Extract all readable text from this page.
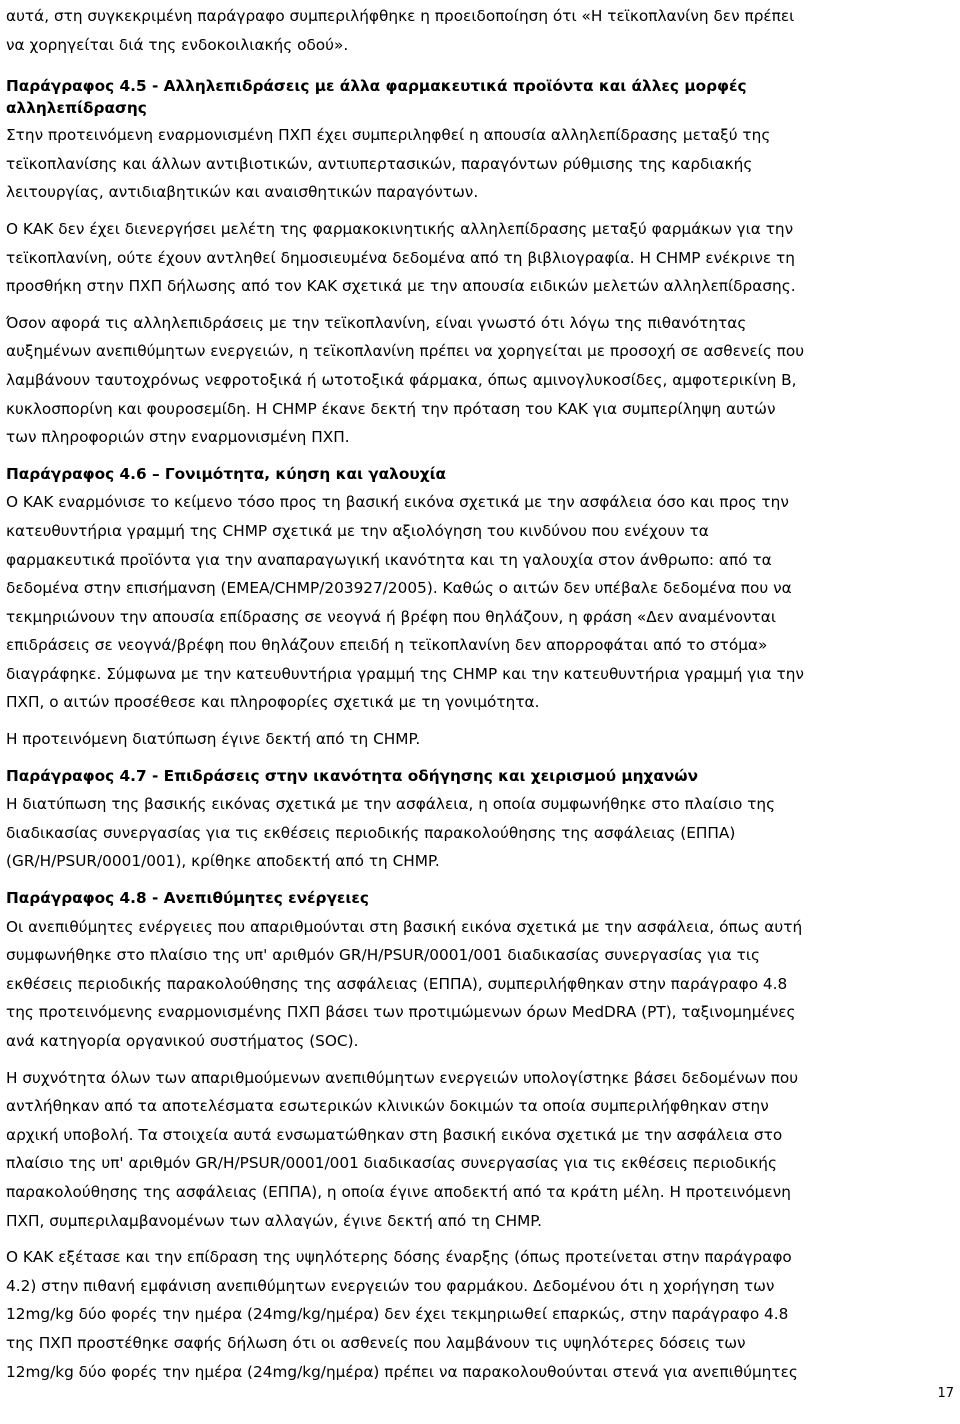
αυτά, στη συγκεκριμένη παράγραφο συμπεριλήφθηκε η προειδοποίηση ότι «Η τεϊκοπλανίνη δεν πρέπει
να χορηγείται διά της ενδοκοιλιακής οδού».

Παράγραφος 4.5 - Αλληλεπιδράσεις με άλλα φαρμακευτικά προϊόντα και άλλες μορφές
αλληλεπίδρασης

Στην προτεινόμενη εναρμονισμένη ΠΧΠ έχει συμπεριληφθεί η απουσία αλληλεπίδρασης μεταξύ της
τεϊκοπλανίσης και άλλων αντιβιοτικών, αντιυπερτασικών, παραγόντων ρύθμισης της καρδιακής
λειτουργίας, αντιδιαβητικών και αναισθητικών παραγόντων.

Ο ΚΑΚ δεν έχει διενεργήσει μελέτη της φαρμακοκινητικής αλληλεπίδρασης μεταξύ φαρμάκων για την
τεϊκοπλανίνη, ούτε έχουν αντληθεί δημοσιευμένα δεδομένα από τη βιβλιογραφία. Η CHMP ενέκρινε τη
προσθήκη στην ΠΧΠ δήλωσης από τον ΚΑΚ σχετικά με την απουσία ειδικών μελετών αλληλεπίδρασης.

Όσον αφορά τις αλληλεπιδράσεις με την τεϊκοπλανίνη, είναι γνωστό ότι λόγω της πιθανότητας
αυξημένων ανεπιθύμητων ενεργειών, η τεϊκοπλανίνη πρέπει να χορηγείται με προσοχή σε ασθενείς που
λαμβάνουν ταυτοχρόνως νεφροτοξικά ή ωτοτοξικά φάρμακα, όπως αμινογλυκοσίδες, αμφοτερικίνη Β,
κυκλοσπορίνη και φουροσεμίδη. Η CHMP έκανε δεκτή την πρόταση του ΚΑΚ για συμπερίληψη αυτών
των πληροφοριών στην εναρμονισμένη ΠΧΠ.

Παράγραφος 4.6 – Γονιμότητα, κύηση και γαλουχία

Ο ΚΑΚ εναρμόνισε το κείμενο τόσο προς τη βασική εικόνα σχετικά με την ασφάλεια όσο και προς την
κατευθυντήρια γραμμή της CHMP σχετικά με την αξιολόγηση του κινδύνου που ενέχουν τα
φαρμακευτικά προϊόντα για την αναπαραγωγική ικανότητα και τη γαλουχία στον άνθρωπο: από τα
δεδομένα στην επισήμανση (EMEA/CHMP/203927/2005). Καθώς ο αιτών δεν υπέβαλε δεδομένα που να
τεκμηριώνουν την απουσία επίδρασης σε νεογνά ή βρέφη που θηλάζουν, η φράση «Δεν αναμένονται
επιδράσεις σε νεογνά/βρέφη που θηλάζουν επειδή η τεϊκοπλανίνη δεν απορροφάται από το στόμα»
διαγράφηκε. Σύμφωνα με την κατευθυντήρια γραμμή της CHMP και την κατευθυντήρια γραμμή για την
ΠΧΠ, ο αιτών προσέθεσε και πληροφορίες σχετικά με τη γονιμότητα.

Η προτεινόμενη διατύπωση έγινε δεκτή από τη CHMP.

Παράγραφος 4.7 - Επιδράσεις στην ικανότητα οδήγησης και χειρισμού μηχανών

Η διατύπωση της βασικής εικόνας σχετικά με την ασφάλεια, η οποία συμφωνήθηκε στο πλαίσιο της
διαδικασίας συνεργασίας για τις εκθέσεις περιοδικής παρακολούθησης της ασφάλειας (ΕΠΠΑ)
(GR/H/PSUR/0001/001), κρίθηκε αποδεκτή από τη CHMP.

Παράγραφος 4.8 - Ανεπιθύμητες ενέργειες

Οι ανεπιθύμητες ενέργειες που απαριθμούνται στη βασική εικόνα σχετικά με την ασφάλεια, όπως αυτή
συμφωνήθηκε στο πλαίσιο της υπ' αριθμόν GR/H/PSUR/0001/001 διαδικασίας συνεργασίας για τις
εκθέσεις περιοδικής παρακολούθησης της ασφάλειας (ΕΠΠΑ), συμπεριλήφθηκαν στην παράγραφο 4.8
της προτεινόμενης εναρμονισμένης ΠΧΠ βάσει των προτιμώμενων όρων MedDRA (PT), ταξινομημένες
ανά κατηγορία οργανικού συστήματος (SOC).

Η συχνότητα όλων των απαριθμούμενων ανεπιθύμητων ενεργειών υπολογίστηκε βάσει δεδομένων που
αντλήθηκαν από τα αποτελέσματα εσωτερικών κλινικών δοκιμών τα οποία συμπεριλήφθηκαν στην
αρχική υποβολή. Τα στοιχεία αυτά ενσωματώθηκαν στη βασική εικόνα σχετικά με την ασφάλεια στο
πλαίσιο της υπ' αριθμόν GR/H/PSUR/0001/001 διαδικασίας συνεργασίας για τις εκθέσεις περιοδικής
παρακολούθησης της ασφάλειας (ΕΠΠΑ), η οποία έγινε αποδεκτή από τα κράτη μέλη. Η προτεινόμενη
ΠΧΠ, συμπεριλαμβανομένων των αλλαγών, έγινε δεκτή από τη CHMP.

Ο ΚΑΚ εξέτασε και την επίδραση της υψηλότερης δόσης έναρξης (όπως προτείνεται στην παράγραφο
4.2) στην πιθανή εμφάνιση ανεπιθύμητων ενεργειών του φαρμάκου. Δεδομένου ότι η χορήγηση των
12mg/kg δύο φορές την ημέρα (24mg/kg/ημέρα) δεν έχει τεκμηριωθεί επαρκώς, στην παράγραφο 4.8
της ΠΧΠ προστέθηκε σαφής δήλωση ότι οι ασθενείς που λαμβάνουν τις υψηλότερες δόσεις των
12mg/kg δύο φορές την ημέρα (24mg/kg/ημέρα) πρέπει να παρακολουθούνται στενά για ανεπιθύμητες

17
